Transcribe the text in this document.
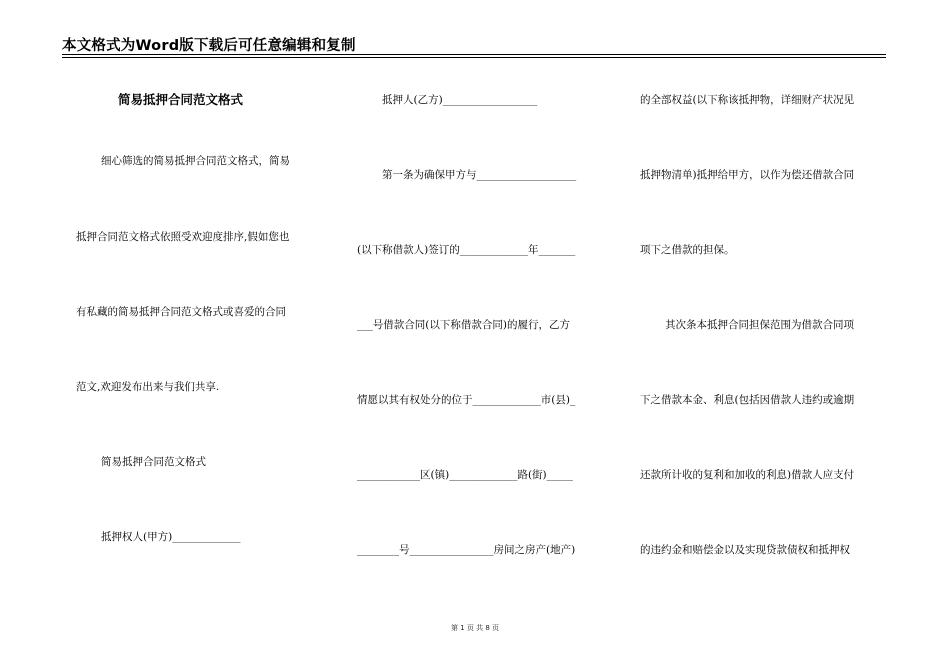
本文格式为Word版下载后可任意编辑和复制
简易抵押合同范文格式
细心筛选的简易抵押合同范文格式，简易
抵押合同范文格式依照受欢迎度排序,假如您也
有私藏的简易抵押合同范文格式或喜爱的合同
范文,欢迎发布出来与我们共享.
简易抵押合同范文格式
抵押权人(甲方)_____________
抵押人(乙方)__________________
第一条为确保甲方与___________________
(以下称借款人)签订的_____________年_______
___号借款合同(以下称借款合同)的履行，乙方
情愿以其有权处分的位于_____________市(县)_
____________区(镇)_____________路(街)_____
________号________________房间之房产(地产)
的全部权益(以下称该抵押物，详细财产状况见
抵押物清单)抵押给甲方，以作为偿还借款合同
项下之借款的担保。
其次条本抵押合同担保范围为借款合同项
下之借款本金、利息(包括因借款人违约或逾期
还款所计收的复利和加收的利息)借款人应支付
的违约金和赔偿金以及实现贷款债权和抵押权
第 1 页 共 8 页
